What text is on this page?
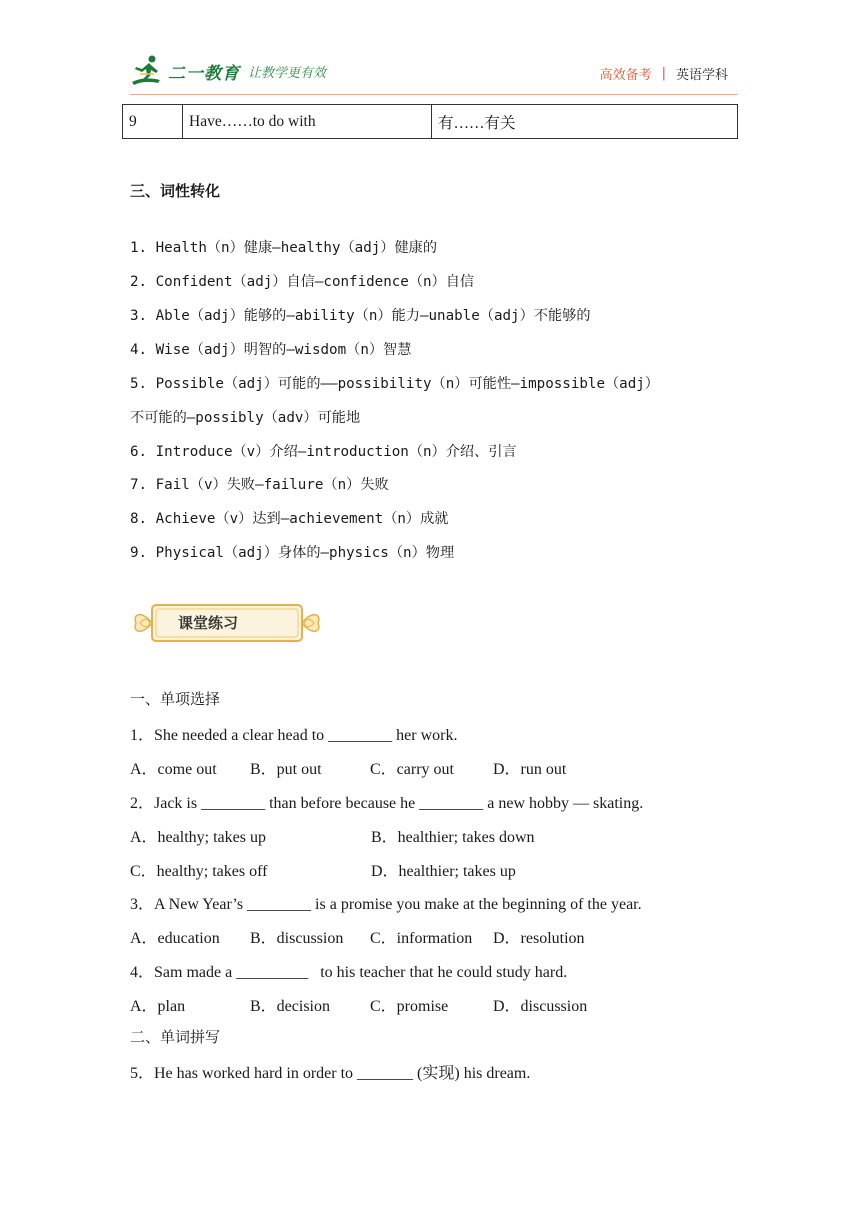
二一教育 让教学更有效	高效备考 | 英语学科
9	Have……to do with	有……有关
三、词性转化
1. Health（n）健康—healthy（adj）健康的
2. Confident（adj）自信—confidence（n）自信
3. Able（adj）能够的—ability（n）能力—unable（adj）不能够的
4. Wise（adj）明智的—wisdom（n）智慧
5. Possible（adj）可能的——possibility（n）可能性—impossible（adj）
不可能的—possibly（adv）可能地
6. Introduce（v）介绍—introduction（n）介绍、引言
7. Fail（v）失败—failure（n）失败
8. Achieve（v）达到—achievement（n）成就
9. Physical（adj）身体的—physics（n）物理
课堂练习
一、单项选择
1．She needed a clear head to ________ her work.
A．come out B．put out	C．carry out D．run out
2．Jack is ________ than before because he ________ a new hobby — skating.
A．healthy; takes up	B．healthier; takes down
C．healthy; takes off	D．healthier; takes up
3．A New Year’s ________ is a promise you make at the beginning of the year.
A．education B．discussion C．information D．resolution
4．Sam made a _________   to his teacher that he could study hard.
A．plan	B．decision	C．promise	D．discussion
二、单词拼写
5．He has worked hard in order to _______ (实现) his dream.
